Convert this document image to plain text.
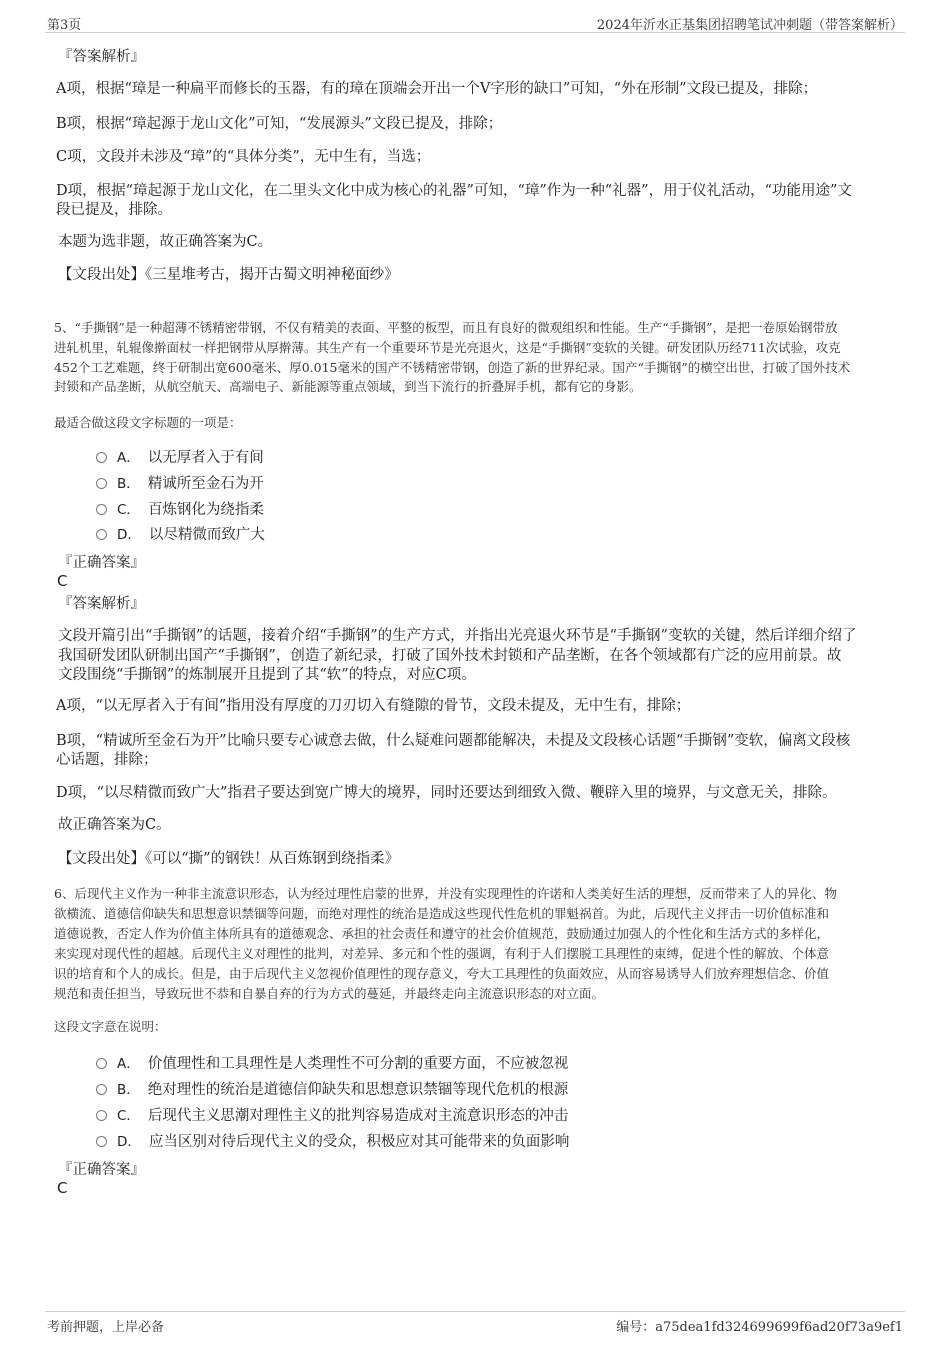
第3页	2024年沂水正基集团招聘笔试冲刺题（带答案解析）
『答案解析』
A项，根据“璋是一种扁平而修长的玉器，有的璋在顶端会开出一个V字形的缺口”可知，“外在形制”文段已提及，排除；
B项，根据“璋起源于龙山文化”可知，“发展源头”文段已提及，排除；
C项，文段并未涉及“璋”的“具体分类”，无中生有，当选；
D项，根据“璋起源于龙山文化，在二里头文化中成为核心的礼器”可知，“璋”作为一种“礼器”，用于仪礼活动，“功能用途”文
段已提及，排除。
本题为选非题，故正确答案为C。
【文段出处】《三星堆考古，揭开古蜀文明神秘面纱》
5、“手撕钢”是一种超薄不锈精密带钢，不仅有精美的表面、平整的板型，而且有良好的微观组织和性能。生产“手撕钢”，是把一卷原始钢带放
进轧机里，轧辊像擀面杖一样把钢带从厚擀薄。其生产有一个重要环节是光亮退火，这是“手撕钢”变软的关键。研发团队历经711次试验，攻克
452个工艺难题，终于研制出宽600毫米、厚0.015毫米的国产不锈精密带钢，创造了新的世界纪录。国产“手撕钢”的横空出世，打破了国外技术
封锁和产品垄断，从航空航天、高端电子、新能源等重点领域，到当下流行的折叠屏手机，都有它的身影。
最适合做这段文字标题的一项是：
A． 以无厚者入于有间
B． 精诚所至金石为开
C． 百炼钢化为绕指柔
D． 以尽精微而致广大
『正确答案』
C
『答案解析』
文段开篇引出“手撕钢”的话题，接着介绍“手撕钢”的生产方式，并指出光亮退火环节是“手撕钢”变软的关键，然后详细介绍了
我国研发团队研制出国产“手撕钢”，创造了新纪录，打破了国外技术封锁和产品垄断，在各个领域都有广泛的应用前景。故
文段围绕“手撕钢”的炼制展开且提到了其“软”的特点，对应C项。
A项，“以无厚者入于有间”指用没有厚度的刀刃切入有缝隙的骨节，文段未提及，无中生有，排除；
B项，“精诚所至金石为开”比喻只要专心诚意去做，什么疑难问题都能解决，未提及文段核心话题“手撕钢”变软，偏离文段核
心话题，排除；
D项，“以尽精微而致广大”指君子要达到宽广博大的境界，同时还要达到细致入微、鞭辟入里的境界，与文意无关，排除。
故正确答案为C。
【文段出处】《可以“撕”的钢铁！从百炼钢到绕指柔》
6、后现代主义作为一种非主流意识形态，认为经过理性启蒙的世界，并没有实现理性的许诺和人类美好生活的理想，反而带来了人的异化、物
欲横流、道德信仰缺失和思想意识禁锢等问题，而绝对理性的统治是造成这些现代性危机的罪魁祸首。为此，后现代主义抨击一切价值标准和
道德说教，否定人作为价值主体所具有的道德观念、承担的社会责任和遵守的社会价值规范，鼓励通过加强人的个性化和生活方式的多样化，
来实现对现代性的超越。后现代主义对理性的批判，对差异、多元和个性的强调，有利于人们摆脱工具理性的束缚，促进个性的解放、个体意
识的培育和个人的成长。但是，由于后现代主义忽视价值理性的现存意义，夸大工具理性的负面效应，从而容易诱导人们放弃理想信念、价值
规范和责任担当，导致玩世不恭和自暴自弃的行为方式的蔓延，并最终走向主流意识形态的对立面。
这段文字意在说明：
A． 价值理性和工具理性是人类理性不可分割的重要方面，不应被忽视
B． 绝对理性的统治是道德信仰缺失和思想意识禁锢等现代危机的根源
C． 后现代主义思潮对理性主义的批判容易造成对主流意识形态的冲击
D． 应当区别对待后现代主义的受众，积极应对其可能带来的负面影响
『正确答案』
C
考前押题，上岸必备	编号：a75dea1fd324699699f6ad20f73a9ef1
